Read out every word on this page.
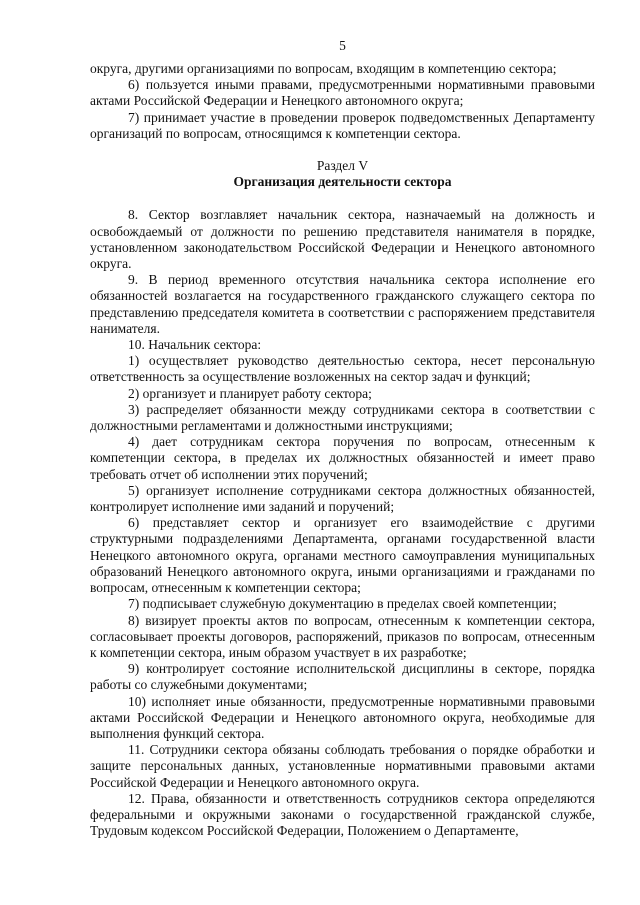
5

округа, другими организациями по вопросам, входящим в компетенцию сектора;

6) пользуется иными правами, предусмотренными нормативными правовыми актами Российской Федерации и Ненецкого автономного округа;

7) принимает участие в проведении проверок подведомственных Департаменту организаций по вопросам, относящимся к компетенции сектора.

Раздел V
Организация деятельности сектора

8. Сектор возглавляет начальник сектора, назначаемый на должность и освобождаемый от должности по решению представителя нанимателя в порядке, установленном законодательством Российской Федерации и Ненецкого автономного округа.

9. В период временного отсутствия начальника сектора исполнение его обязанностей возлагается на государственного гражданского служащего сектора по представлению председателя комитета в соответствии с распоряжением представителя нанимателя.

10. Начальник сектора:

1) осуществляет руководство деятельностью сектора, несет персональную ответственность за осуществление возложенных на сектор задач и функций;

2) организует и планирует работу сектора;

3) распределяет обязанности между сотрудниками сектора в соответствии с должностными регламентами и должностными инструкциями;

4) дает сотрудникам сектора поручения по вопросам, отнесенным к компетенции сектора, в пределах их должностных обязанностей и имеет право требовать отчет об исполнении этих поручений;

5) организует исполнение сотрудниками сектора должностных обязанностей, контролирует исполнение ими заданий и поручений;

6) представляет сектор и организует его взаимодействие с другими структурными подразделениями Департамента, органами государственной власти Ненецкого автономного округа, органами местного самоуправления муниципальных образований Ненецкого автономного округа, иными организациями и гражданами по вопросам, отнесенным к компетенции сектора;

7) подписывает служебную документацию в пределах своей компетенции;

8) визирует проекты актов по вопросам, отнесенным к компетенции сектора, согласовывает проекты договоров, распоряжений, приказов по вопросам, отнесенным к компетенции сектора, иным образом участвует в их разработке;

9) контролирует состояние исполнительской дисциплины в секторе, порядка работы со служебными документами;

10) исполняет иные обязанности, предусмотренные нормативными правовыми актами Российской Федерации и Ненецкого автономного округа, необходимые для выполнения функций сектора.

11. Сотрудники сектора обязаны соблюдать требования о порядке обработки и защите персональных данных, установленные нормативными правовыми актами Российской Федерации и Ненецкого автономного округа.

12. Права, обязанности и ответственность сотрудников сектора определяются федеральными и окружными законами о государственной гражданской службе, Трудовым кодексом Российской Федерации, Положением о Департаменте,
